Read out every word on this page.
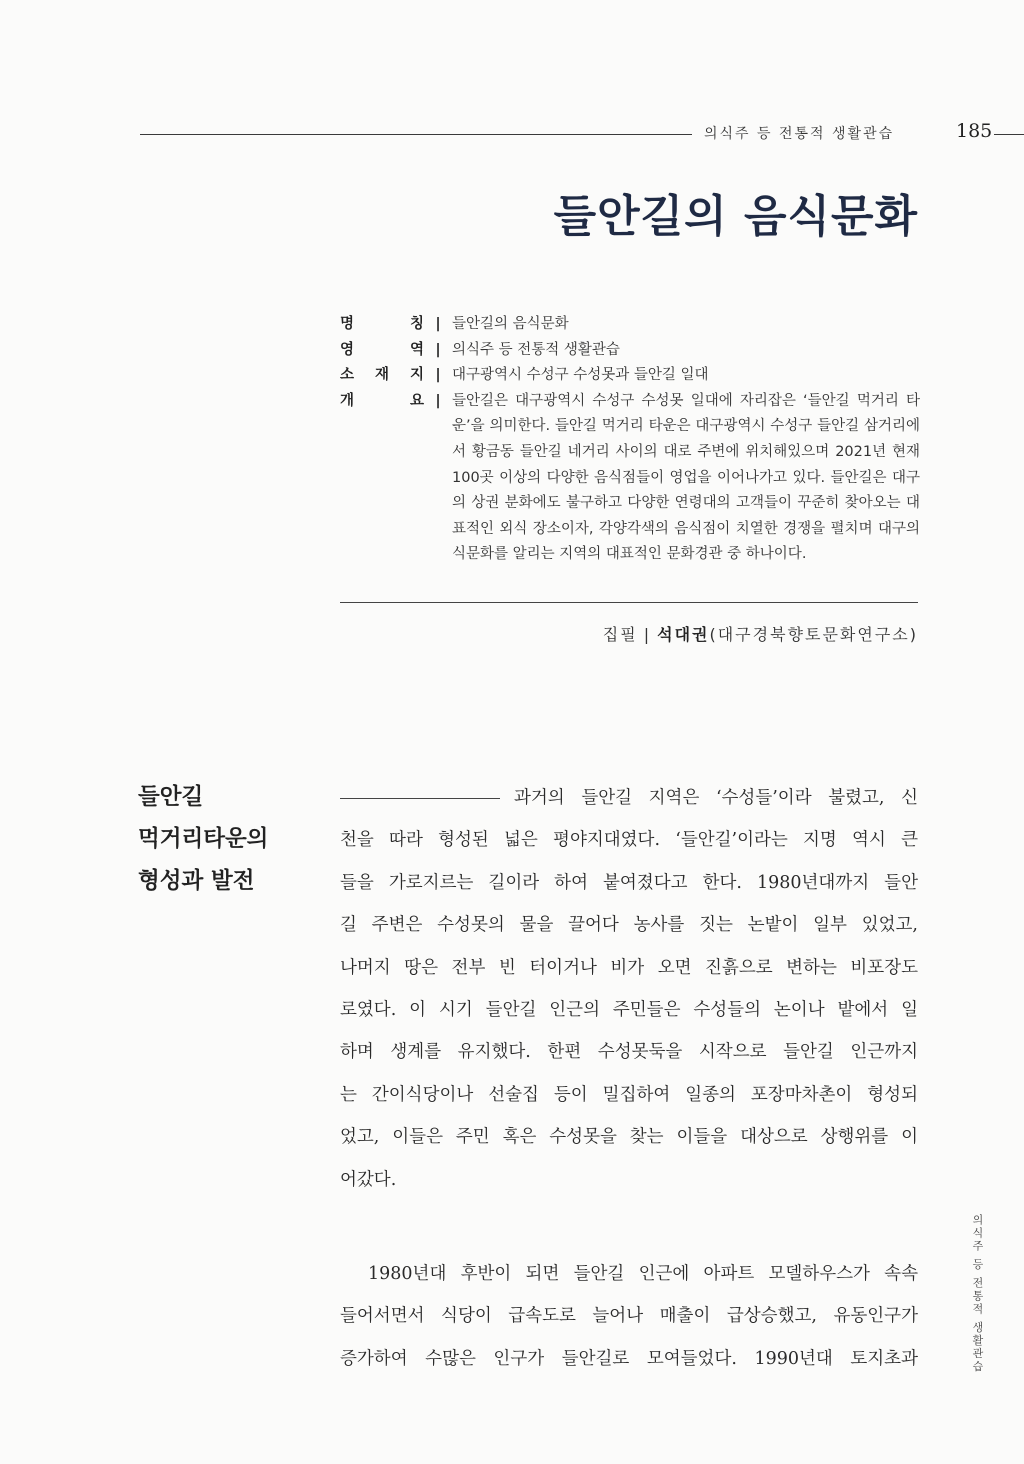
의식주 등 전통적 생활관습	185
들안길의 음식문화
명	칭 | 들안길의 음식문화
영	역 | 의식주 등 전통적 생활관습
소 재 지 | 대구광역시 수성구 수성못과 들안길 일대
개	요 | 들안길은 대구광역시 수성구 수성못 일대에 자리잡은 ‘들안길 먹거리 타운’을 의미한다. 들안길 먹거리 타운은 대구광역시 수성구 들안길 삼거리에서 황금동 들안길 네거리 사이의 대로 주변에 위치해있으며 2021년 현재 100곳 이상의 다양한 음식점들이 영업을 이어나가고 있다. 들안길은 대구의 상권 분화에도 불구하고 다양한 연령대의 고객들이 꾸준히 찾아오는 대표적인 외식 장소이자, 각양각색의 음식점이 치열한 경쟁을 펼치며 대구의 식문화를 알리는 지역의 대표적인 문화경관 중 하나이다.
집필 | 석대권(대구경북향토문화연구소)
들안길
먹거리타운의
형성과 발전
과거의 들안길 지역은 ‘수성들’이라 불렸고, 신
천을 따라 형성된 넓은 평야지대였다. ‘들안길’이라는 지명 역시 큰
들을 가로지르는 길이라 하여 붙여졌다고 한다. 1980년대까지 들안
길 주변은 수성못의 물을 끌어다 농사를 짓는 논밭이 일부 있었고,
나머지 땅은 전부 빈 터이거나 비가 오면 진흙으로 변하는 비포장도
로였다. 이 시기 들안길 인근의 주민들은 수성들의 논이나 밭에서 일
하며 생계를 유지했다. 한편 수성못둑을 시작으로 들안길 인근까지
는 간이식당이나 선술집 등이 밀집하여 일종의 포장마차촌이 형성되
었고, 이들은 주민 혹은 수성못을 찾는 이들을 대상으로 상행위를 이
어갔다.
1980년대 후반이 되면 들안길 인근에 아파트 모델하우스가 속속
들어서면서 식당이 급속도로 늘어나 매출이 급상승했고, 유동인구가
증가하여 수많은 인구가 들안길로 모여들었다. 1990년대 토지초과	의식주 등 전통적 생활관습
